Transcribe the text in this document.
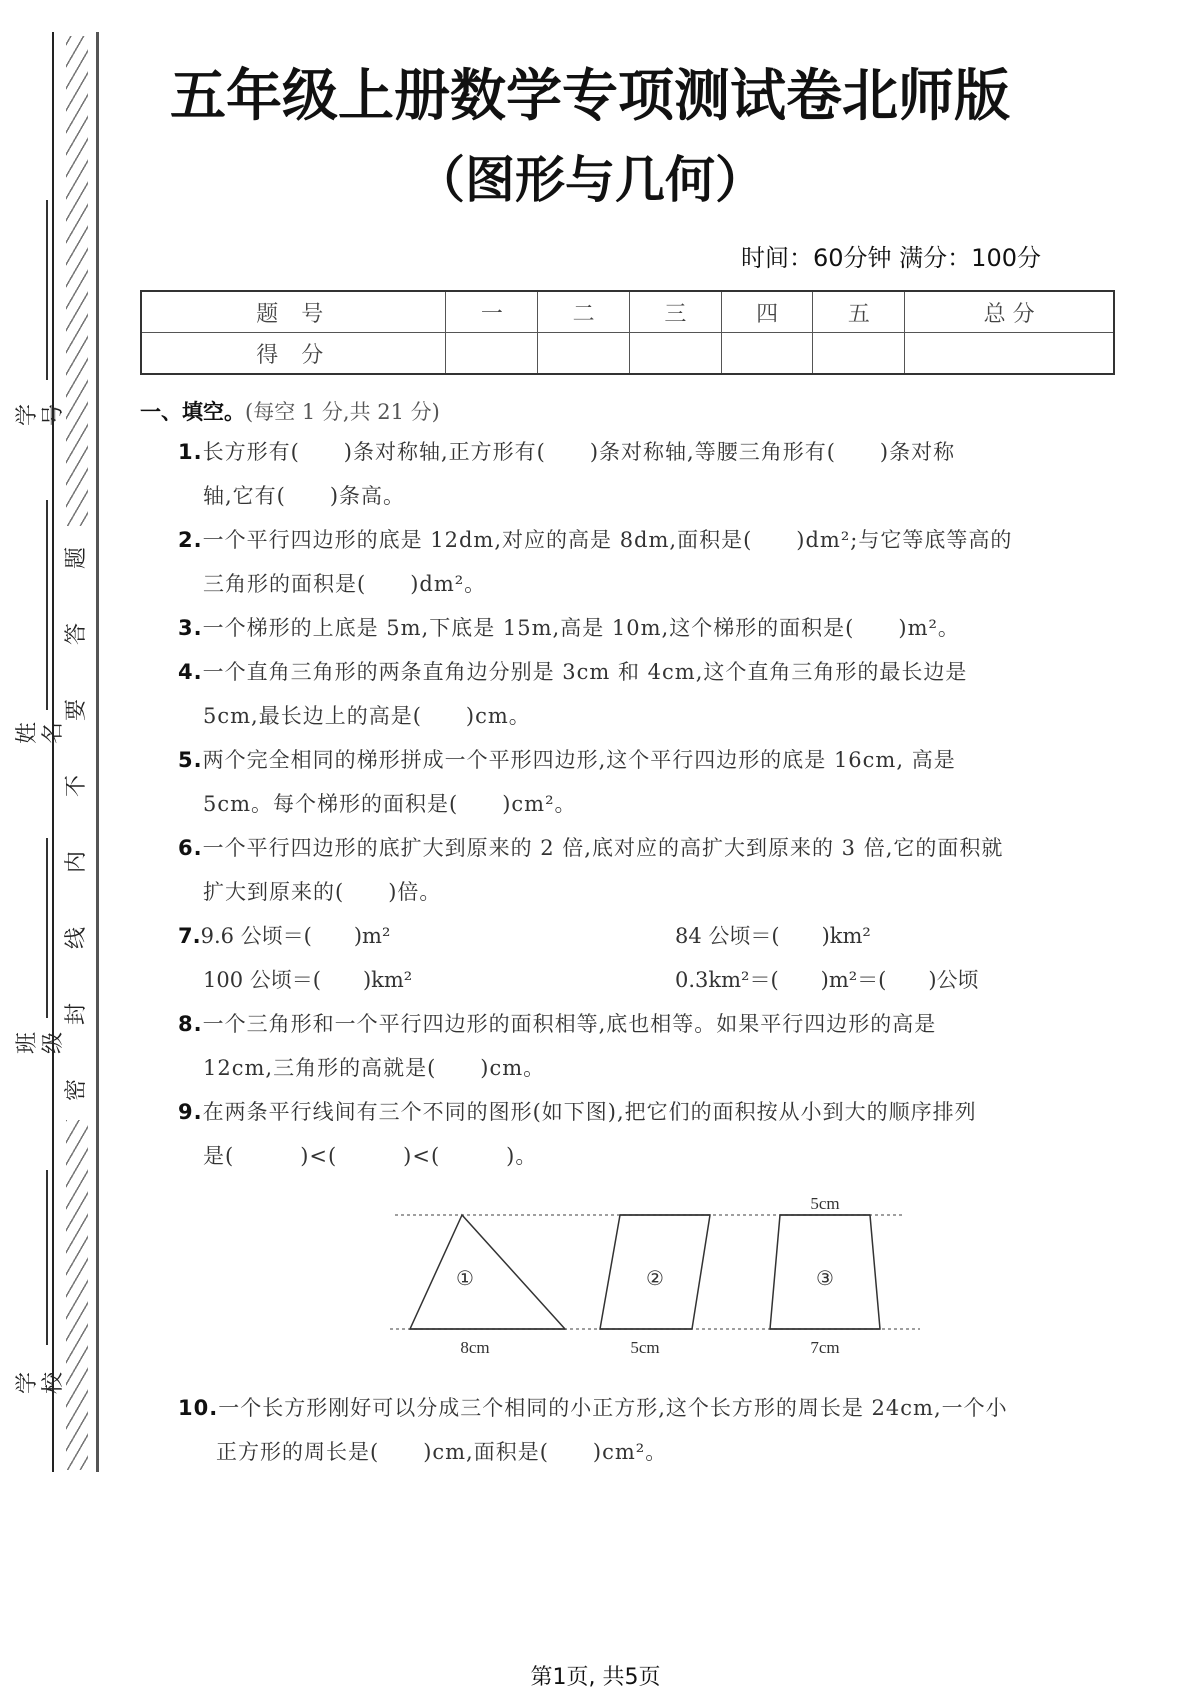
题
答
要
不
内
线
封
密
学号
姓名
班级
学校
五年级上册数学专项测试卷北师版
（图形与几何）
时间：60分钟 满分：100分
题 号	一	二	三	四	五	总 分
得 分						
一、填空。(每空 1 分,共 21 分)
1.长方形有(　　)条对称轴,正方形有(　　)条对称轴,等腰三角形有(　　)条对称
轴,它有(　　)条高。
2.一个平行四边形的底是 12dm,对应的高是 8dm,面积是(　　)dm²;与它等底等高的
三角形的面积是(　　)dm²。
3.一个梯形的上底是 5m,下底是 15m,高是 10m,这个梯形的面积是(　　)m²。
4.一个直角三角形的两条直角边分别是 3cm 和 4cm,这个直角三角形的最长边是
5cm,最长边上的高是(　　)cm。
5.两个完全相同的梯形拼成一个平形四边形,这个平行四边形的底是 16cm, 高是
5cm。每个梯形的面积是(　　)cm²。
6.一个平行四边形的底扩大到原来的 2 倍,底对应的高扩大到原来的 3 倍,它的面积就
扩大到原来的(　　)倍。
7.9.6 公顷＝(　　)m²	84 公顷＝(　　)km²
100 公顷＝(　　)km²	0.3km²＝(　　)m²＝(　　)公顷
8.一个三角形和一个平行四边形的面积相等,底也相等。如果平行四边形的高是
12cm,三角形的高就是(　　)cm。
9.在两条平行线间有三个不同的图形(如下图),把它们的面积按从小到大的顺序排列
是(　　　)<(　　　)<(　　　)。
①	②	③
5cm
8cm	5cm	7cm
10.一个长方形刚好可以分成三个相同的小正方形,这个长方形的周长是 24cm,一个小
正方形的周长是(　　)cm,面积是(　　)cm²。
第1页, 共5页
